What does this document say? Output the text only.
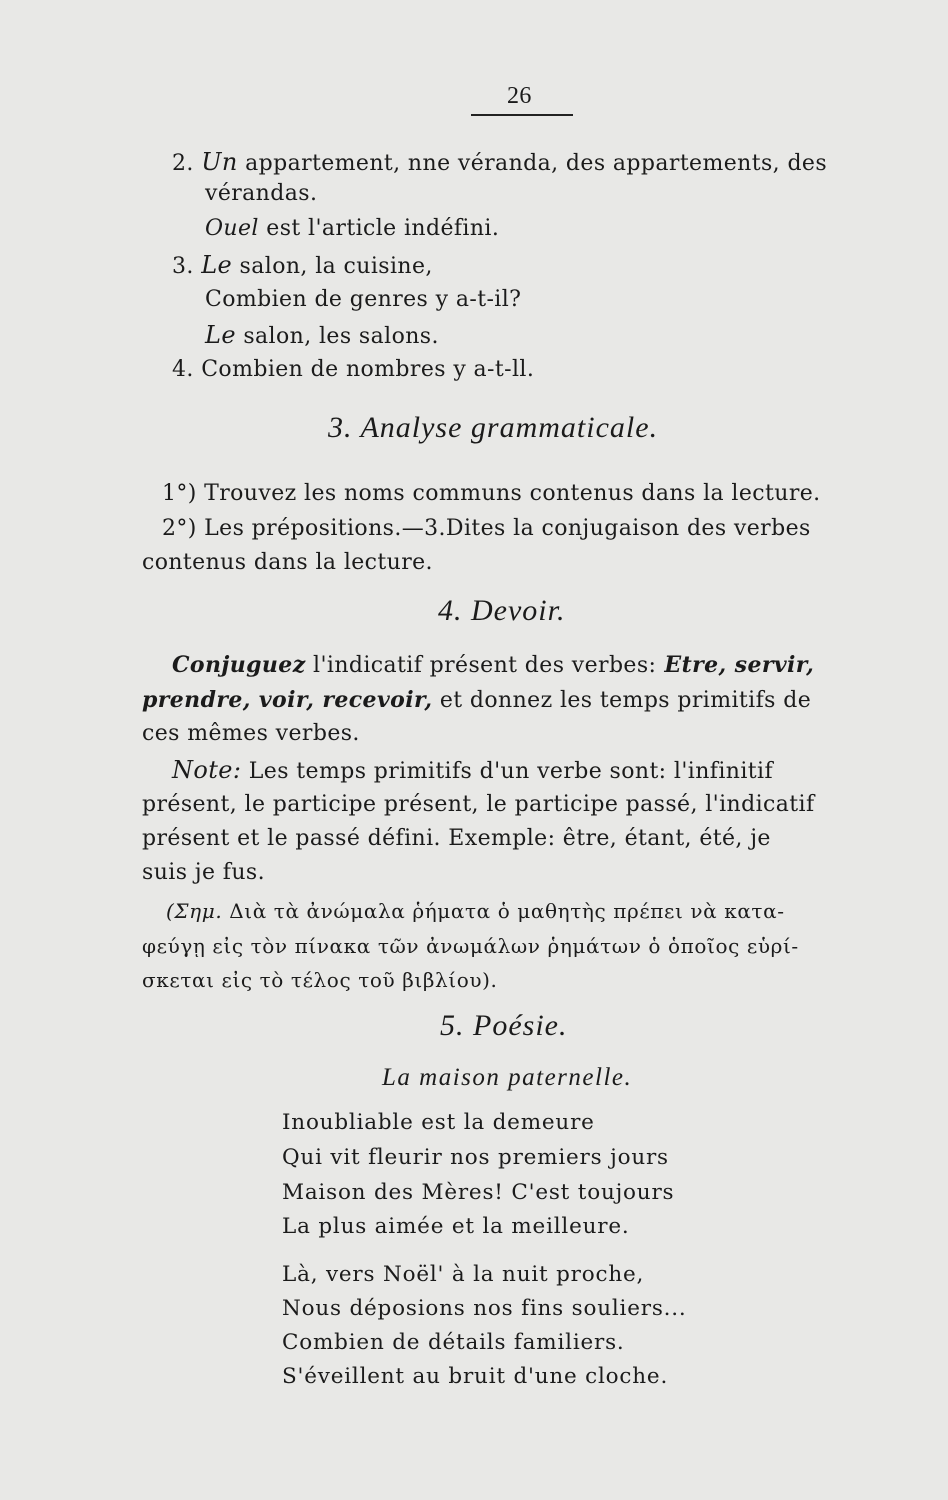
26
2. Un appartement, nne véranda, des appartements, des
vérandas.
Ouel est l'article indéfini.
3. Le salon, la cuisine,
Combien de genres y a-t-il?
Le salon, les salons.
4. Combien de nombres y a-t-ll.
3. Analyse grammaticale.
1°) Trouvez les noms communs contenus dans la lecture.
2°) Les prépositions.—3.Dites la conjugaison des verbes
contenus dans la lecture.
4. Devoir.
Conjuguez l'indicatif présent des verbes: Etre, servir,
prendre, voir, recevoir, et donnez les temps primitifs de
ces mêmes verbes.
Note: Les temps primitifs d'un verbe sont: l'infinitif
présent, le participe présent, le participe passé, l'indicatif
présent et le passé défini. Exemple: être, étant, été, je
suis je fus.
(Σημ. Διὰ τὰ ἀνώμαλα ῥήματα ὁ μαθητὴς πρέπει νὰ κατα-
φεύγῃ εἰς τὸν πίνακα τῶν ἀνωμάλων ῥημάτων ὁ ὁποῖος εὑρί-
σκεται εἰς τὸ τέλος τοῦ βιβλίου).
5. Poésie.
La maison paternelle.
Inoubliable est la demeure
Qui vit fleurir nos premiers jours
Maison des Mères! C'est toujours
La plus aimée et la meilleure.
Là, vers Noël' à la nuit proche,
Nous déposions nos fins souliers...
Combien de détails familiers.
S'éveillent au bruit d'une cloche.
